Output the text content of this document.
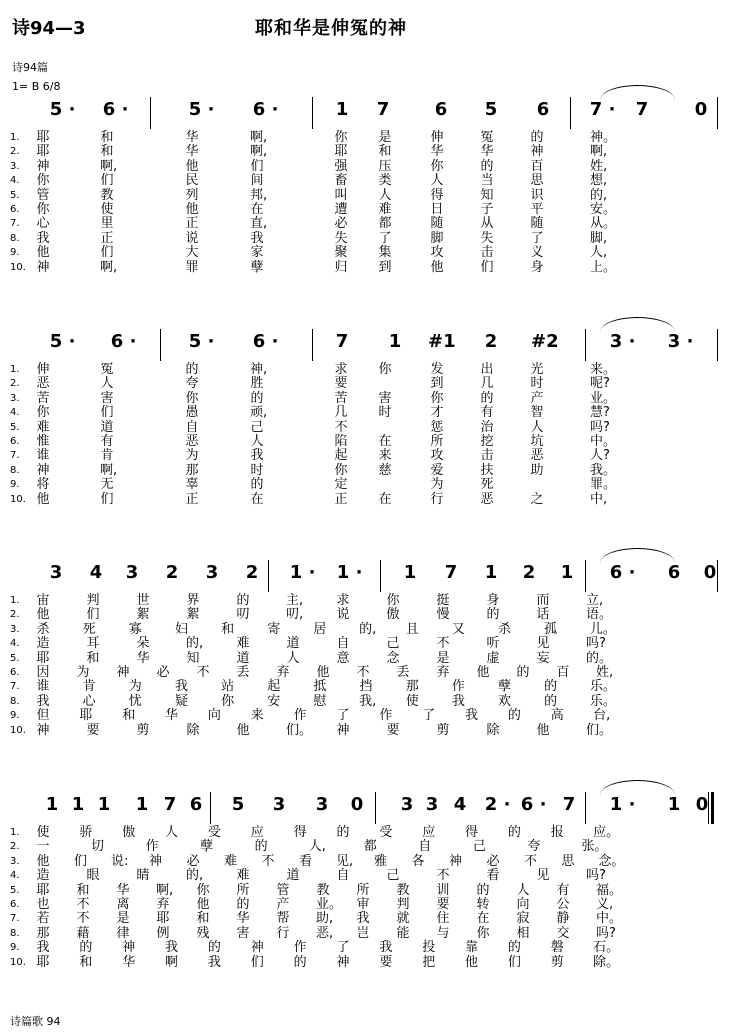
诗94—3	耶和华是伸冤的神
诗94篇
1= B 6/8
5 ·	6 ·	5 ·	6 ·	1	7	6	5	6	7 ·	7	0
1.	耶	和	华	啊,	你 是	伸	冤	的	神。
2.	耶	和	华	啊,	耶 和	华	华	神	啊,
3.	神	啊,	他	们	强 压	你	的	百	姓,
4.	你	们	民	间	畜 类	人	当	思	想,
5.	管	教	列	邦,	叫 人	得	知	识	的,
6.	你	使	他	在	遭 难	日	子	平	安。
7.	心	里	正	直,	必 都	随	从	随	从。
8.	我	正	说	我	失 了	脚	失	了	脚,
9.	他	们	大	家	聚 集	攻	击	义	人,
10. 神	啊,	罪	孽	归 到	他	们	身	上。
5 ·	6 ·	5 ·	6 ·	7	1	#1	2	#2	3 ·	3 ·
1.	伸	冤	的	神,	求 你	发	出	光	来。
2.	恶	人	夸	胜	要	到	几	时	呢?
3.	苦	害	你	的	苦 害	你	的	产	业。
4.	你	们	愚	顽,	几 时	才	有	智	慧?
5.	难	道	自	己	不	惩	治	人	吗?
6.	惟	有	恶	人	陷 在	所	挖	坑	中。
7.	谁	肯	为	我	起 来	攻	击	恶	人?
8.	神	啊,	那	时	你 慈	爱	扶	助	我。
9.	将	无	辜	的	定	为	死	罪。
10. 他	们	正	在	正 在	行	恶	之	中,
3	4	3	2	3	2	1 ·	1 ·	1	7	1	2	1	6 ·	6	0
1.	宙	判	世	界	的	主,	求	你	挺	身	而	立,
2.	他	们	絮	絮	叨	叨,	说	傲	慢	的	话	语。
3.	杀	死	寡	妇	和	寄	居	的, 且	又	杀	孤	儿。
4.	造	耳	朵	的,	难	道	自	己	不	听	见	吗?
5.	耶	和	华	知	道	人	意	念	是	虚	妄	的。
6.	因 为 神 必 不 丢 弃 他 不 丢 弃 他 的 百 姓,
7.	谁	肯	为	我	站	起	抵	挡	那	作	孽	的	乐。
8.	我	心	忧	疑	你	安	慰	我, 使	我	欢	的	乐。
9.	但 耶 和 华 向 来 作 了 作 了 我 的 高 台,
10. 神	要	剪	除	他	们。 神	要	剪	除	他	们。
1 1 1	1 7 6	5	3	3	0	3 3 4	2 · 6 · 7	1 ·	1 0
1.	使 骄 傲 人 受 应 得 的 受 应 得 的 报 应。
2.	一	切	作	孽	的	人,	都	自	己	夸	张。
3.	他 们 说: 神 必 难 不 看 见, 雅 各 神 必 不 思 念。
4.	造	眼	睛	的,	难	道	自	己	不	看	见	吗?
5.	耶 和 华 啊, 你 所 管 教 所 教 训 的 人 有 福。
6.	也 不 离 弃 他 的 产 业。 审 判 要 转 向 公 义,
7.	若 不 是 耶 和 华 帮 助, 我 就 住 在 寂 静 中。
8.	那 藉 律 例 残 害 行 恶, 岂 能 与 你 相 交 吗?
9.	我 的 神 我 的 神 作 了 我 投 靠 的 磐 石。
10. 耶 和 华 啊 我 们 的 神 要 把 他 们 剪 除。
诗篇歌 94
